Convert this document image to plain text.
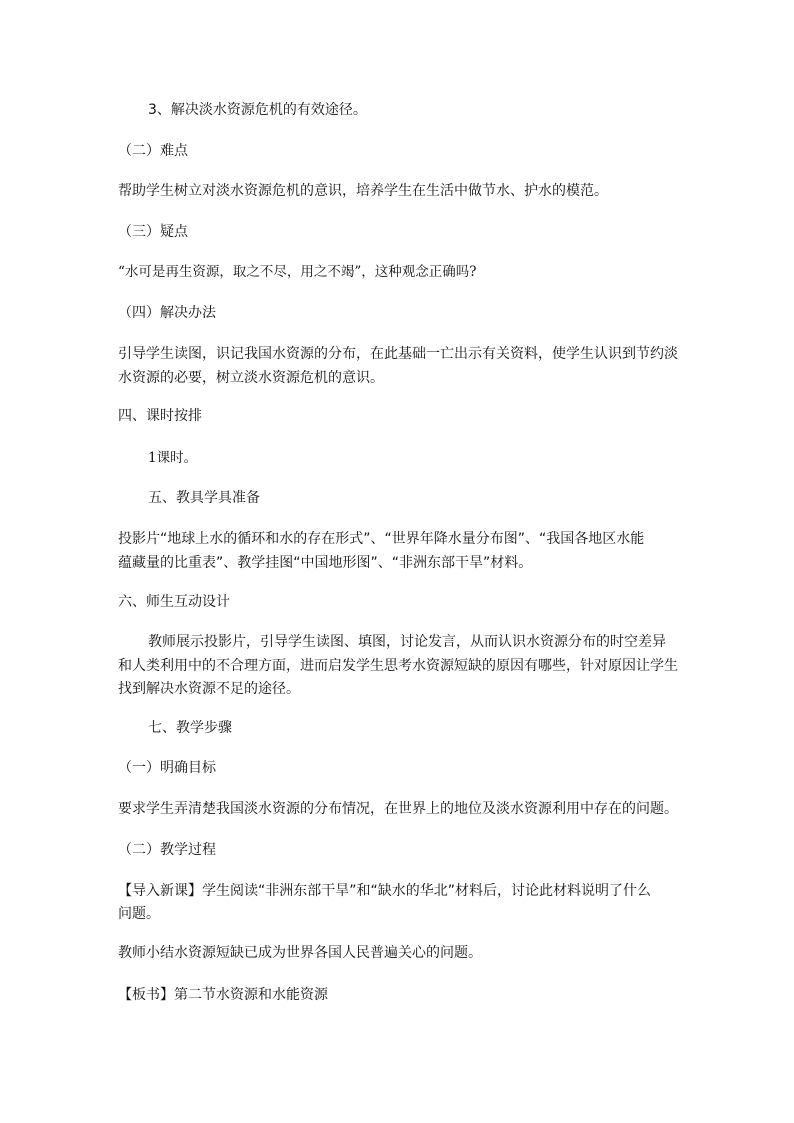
3、解决淡水资源危机的有效途径。
（二）难点
帮助学生树立对淡水资源危机的意识，培养学生在生活中做节水、护水的模范。
（三）疑点
“水可是再生资源，取之不尽，用之不竭”，这种观念正确吗?
（四）解决办法
引导学生读图，识记我国水资源的分布，在此基础一亡出示有关资料，使学生认识到节约淡
水资源的必要，树立淡水资源危机的意识。
四、课时按排
1课时。
五、教具学具准备
投影片“地球上水的循环和水的存在形式”、“世界年降水量分布图”、“我国各地区水能
蕴藏量的比重表”、教学挂图“中国地形图”、“非洲东部干旱”材料。
六、师生互动设计
教师展示投影片，引导学生读图、填图，讨论发言，从而认识水资源分布的时空差异
和人类利用中的不合理方面，进而启发学生思考水资源短缺的原因有哪些，针对原因让学生
找到解决水资源不足的途径。
七、教学步骤
（一）明确目标
要求学生弄清楚我国淡水资源的分布情况，在世界上的地位及淡水资源利用中存在的问题。
（二）教学过程
【导入新课】学生阅读“非洲东部干旱”和“缺水的华北”材料后，讨论此材料说明了什么
问题。
教师小结水资源短缺已成为世界各国人民普遍关心的问题。
【板书】第二节水资源和水能资源
